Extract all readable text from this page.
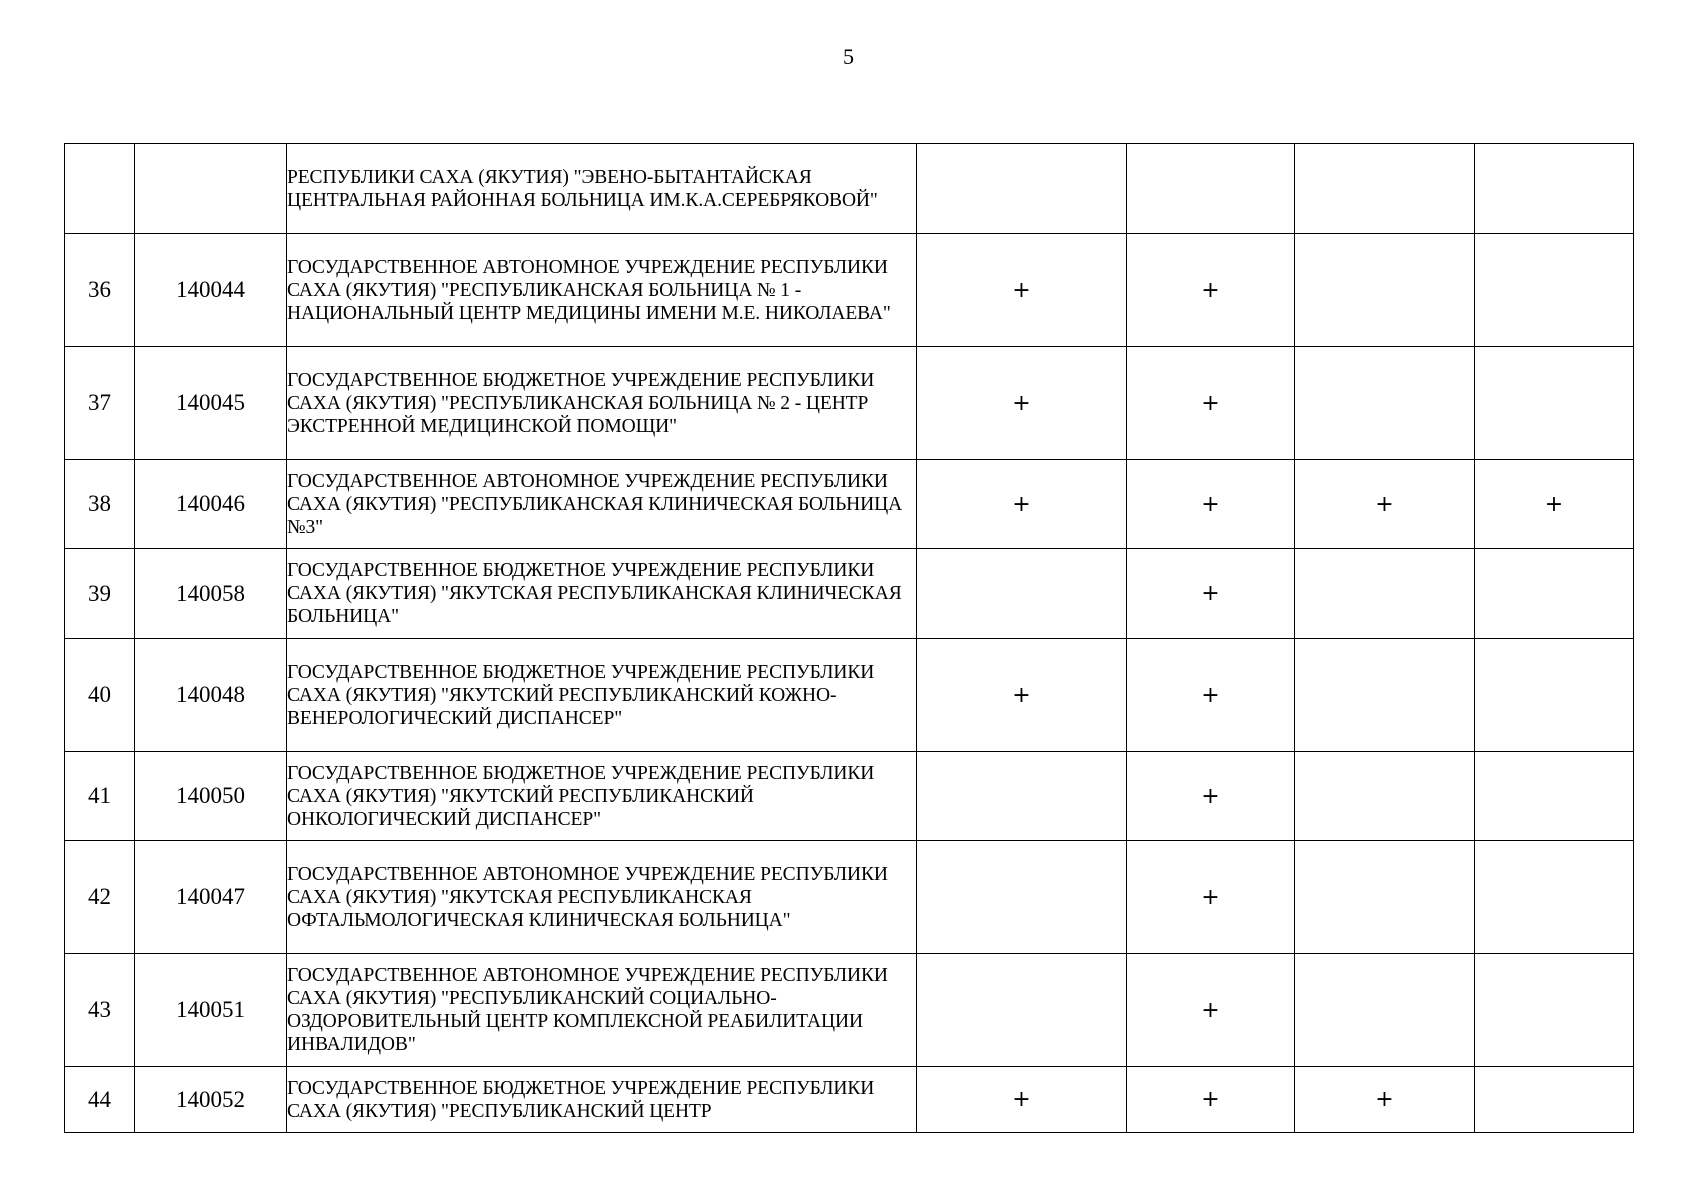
5
		РЕСПУБЛИКИ САХА (ЯКУТИЯ) "ЭВЕНО-БЫТАНТАЙСКАЯ ЦЕНТРАЛЬНАЯ РАЙОННАЯ БОЛЬНИЦА ИМ.К.А.СЕРЕБРЯКОВОЙ"				
36	140044	ГОСУДАРСТВЕННОЕ АВТОНОМНОЕ УЧРЕЖДЕНИЕ РЕСПУБЛИКИ САХА (ЯКУТИЯ) "РЕСПУБЛИКАНСКАЯ БОЛЬНИЦА № 1 - НАЦИОНАЛЬНЫЙ ЦЕНТР МЕДИЦИНЫ ИМЕНИ М.Е. НИКОЛАЕВА"	+	+		
37	140045	ГОСУДАРСТВЕННОЕ БЮДЖЕТНОЕ УЧРЕЖДЕНИЕ РЕСПУБЛИКИ САХА (ЯКУТИЯ) "РЕСПУБЛИКАНСКАЯ БОЛЬНИЦА № 2 - ЦЕНТР ЭКСТРЕННОЙ МЕДИЦИНСКОЙ ПОМОЩИ"	+	+		
38	140046	ГОСУДАРСТВЕННОЕ АВТОНОМНОЕ УЧРЕЖДЕНИЕ РЕСПУБЛИКИ САХА (ЯКУТИЯ) "РЕСПУБЛИКАНСКАЯ КЛИНИЧЕСКАЯ БОЛЬНИЦА №3"	+	+	+	+
39	140058	ГОСУДАРСТВЕННОЕ БЮДЖЕТНОЕ УЧРЕЖДЕНИЕ РЕСПУБЛИКИ САХА (ЯКУТИЯ) "ЯКУТСКАЯ РЕСПУБЛИКАНСКАЯ КЛИНИЧЕСКАЯ БОЛЬНИЦА"		+		
40	140048	ГОСУДАРСТВЕННОЕ БЮДЖЕТНОЕ УЧРЕЖДЕНИЕ РЕСПУБЛИКИ САХА (ЯКУТИЯ) "ЯКУТСКИЙ РЕСПУБЛИКАНСКИЙ КОЖНО-ВЕНЕРОЛОГИЧЕСКИЙ ДИСПАНСЕР"	+	+		
41	140050	ГОСУДАРСТВЕННОЕ БЮДЖЕТНОЕ УЧРЕЖДЕНИЕ РЕСПУБЛИКИ САХА (ЯКУТИЯ) "ЯКУТСКИЙ РЕСПУБЛИКАНСКИЙ ОНКОЛОГИЧЕСКИЙ ДИСПАНСЕР"		+		
42	140047	ГОСУДАРСТВЕННОЕ АВТОНОМНОЕ УЧРЕЖДЕНИЕ РЕСПУБЛИКИ САХА (ЯКУТИЯ) "ЯКУТСКАЯ РЕСПУБЛИКАНСКАЯ ОФТАЛЬМОЛОГИЧЕСКАЯ КЛИНИЧЕСКАЯ БОЛЬНИЦА"		+		
43	140051	ГОСУДАРСТВЕННОЕ АВТОНОМНОЕ УЧРЕЖДЕНИЕ РЕСПУБЛИКИ САХА (ЯКУТИЯ) "РЕСПУБЛИКАНСКИЙ СОЦИАЛЬНО-ОЗДОРОВИТЕЛЬНЫЙ ЦЕНТР КОМПЛЕКСНОЙ РЕАБИЛИТАЦИИ ИНВАЛИДОВ"		+		
44	140052	ГОСУДАРСТВЕННОЕ БЮДЖЕТНОЕ УЧРЕЖДЕНИЕ РЕСПУБЛИКИ САХА (ЯКУТИЯ) "РЕСПУБЛИКАНСКИЙ ЦЕНТР	+	+	+	
